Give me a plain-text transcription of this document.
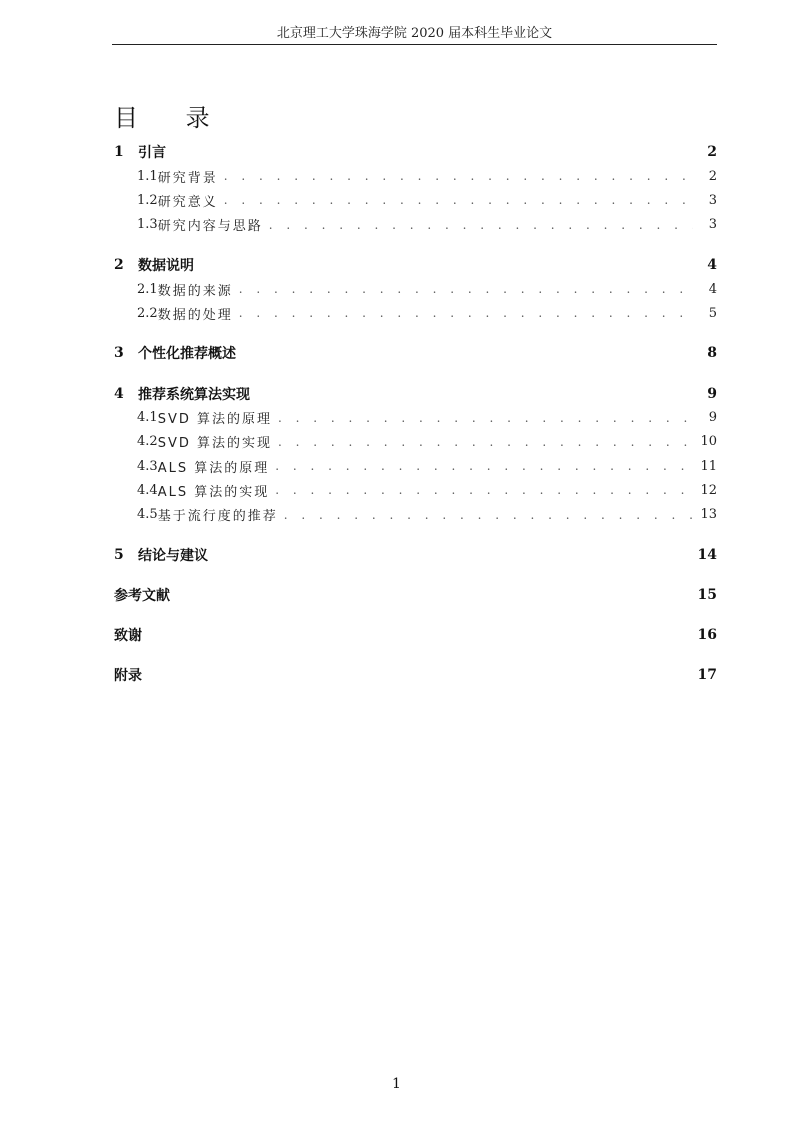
北京理工大学珠海学院 2020 届本科生毕业论文
目 录
1	引言	2
1.1 研究背景 . . .	2
1.2 研究意义 . . .	3
1.3 研究内容与思路 . . .	3
2	数据说明	4
2.1 数据的来源 . . .	4
2.2 数据的处理 . . .	5
3	个性化推荐概述	8
4	推荐系统算法实现	9
4.1 SVD 算法的原理 . . .	9
4.2 SVD 算法的实现 . . .	10
4.3 ALS 算法的原理 . . .	11
4.4 ALS 算法的实现 . . .	12
4.5 基于流行度的推荐 . . .	13
5	结论与建议	14
参考文献	15
致谢	16
附录	17
1
